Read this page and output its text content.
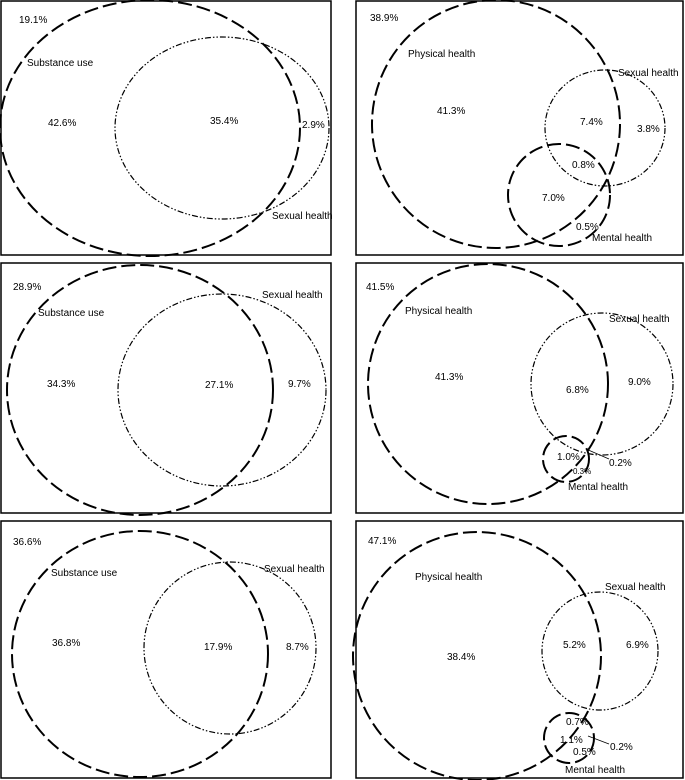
19.1%
Substance use
Sexual health
42.6%	35.4%	2.9%
38.9%
Physical health
Sexual health
Mental health
41.3%
7.4%
3.8%
0.8%
7.0%
0.5%
28.9%
Substance use
Sexual health
34.3%	27.1%	9.7%
41.5%
Physical health
Sexual health
Mental health
41.3%
6.8%
9.0%
1.0%
0.3%
0.2%
36.6%
Substance use	Sexual health
36.8%	17.9%	8.7%
47.1%
Physical health
Sexual health
Mental health
38.4%
5.2%	6.9%
0.7%
1.1%
0.5% 0.2%
